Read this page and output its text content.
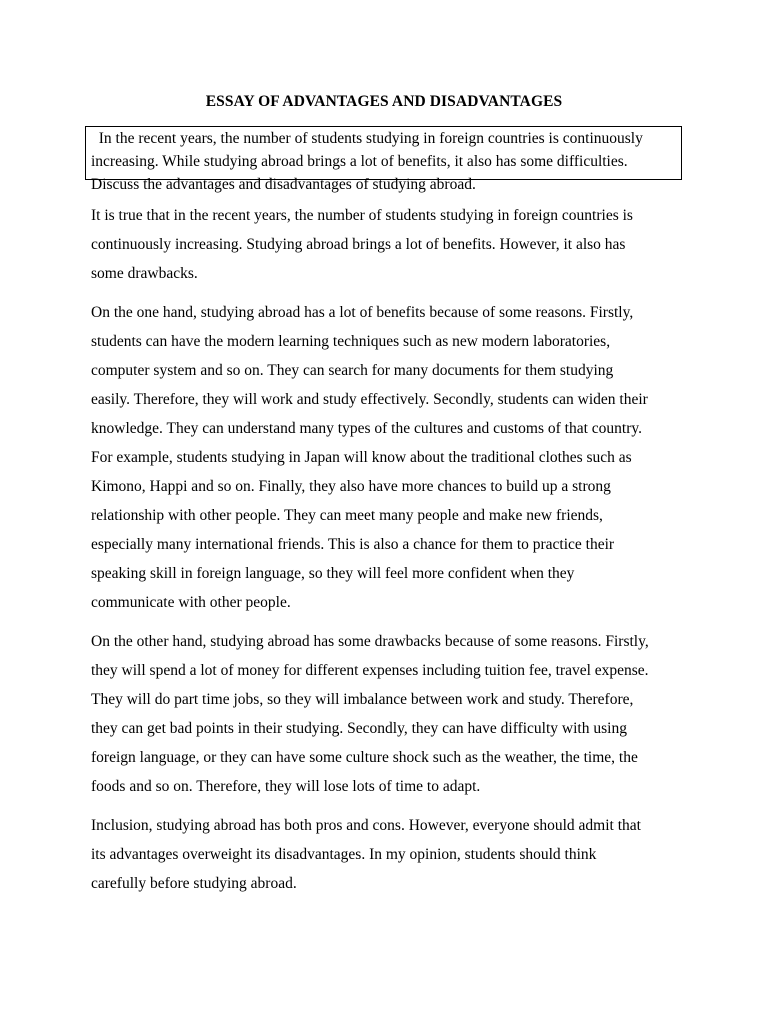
ESSAY OF ADVANTAGES AND DISADVANTAGES

In the recent years, the number of students studying in foreign countries is continuously
increasing. While studying abroad brings a lot of benefits, it also has some difficulties.
Discuss the advantages and disadvantages of studying abroad.

It is true that in the recent years, the number of students studying in foreign countries is
continuously increasing. Studying abroad brings a lot of benefits. However, it also has
some drawbacks.

On the one hand, studying abroad has a lot of benefits because of some reasons. Firstly,
students can have the modern learning techniques such as new modern laboratories,
computer system and so on. They can search for many documents for them studying
easily. Therefore, they will work and study effectively. Secondly, students can widen their
knowledge. They can understand many types of the cultures and customs of that country.
For example, students studying in Japan will know about the traditional clothes such as
Kimono, Happi and so on. Finally, they also have more chances to build up a strong
relationship with other people. They can meet many people and make new friends,
especially many international friends. This is also a chance for them to practice their
speaking skill in foreign language, so they will feel more confident when they
communicate with other people.

On the other hand, studying abroad has some drawbacks because of some reasons. Firstly,
they will spend a lot of money for different expenses including tuition fee, travel expense.
They will do part time jobs, so they will imbalance between work and study. Therefore,
they can get bad points in their studying. Secondly, they can have difficulty with using
foreign language, or they can have some culture shock such as the weather, the time, the
foods and so on. Therefore, they will lose lots of time to adapt.

Inclusion, studying abroad has both pros and cons. However, everyone should admit that
its advantages overweight its disadvantages. In my opinion, students should think
carefully before studying abroad.
